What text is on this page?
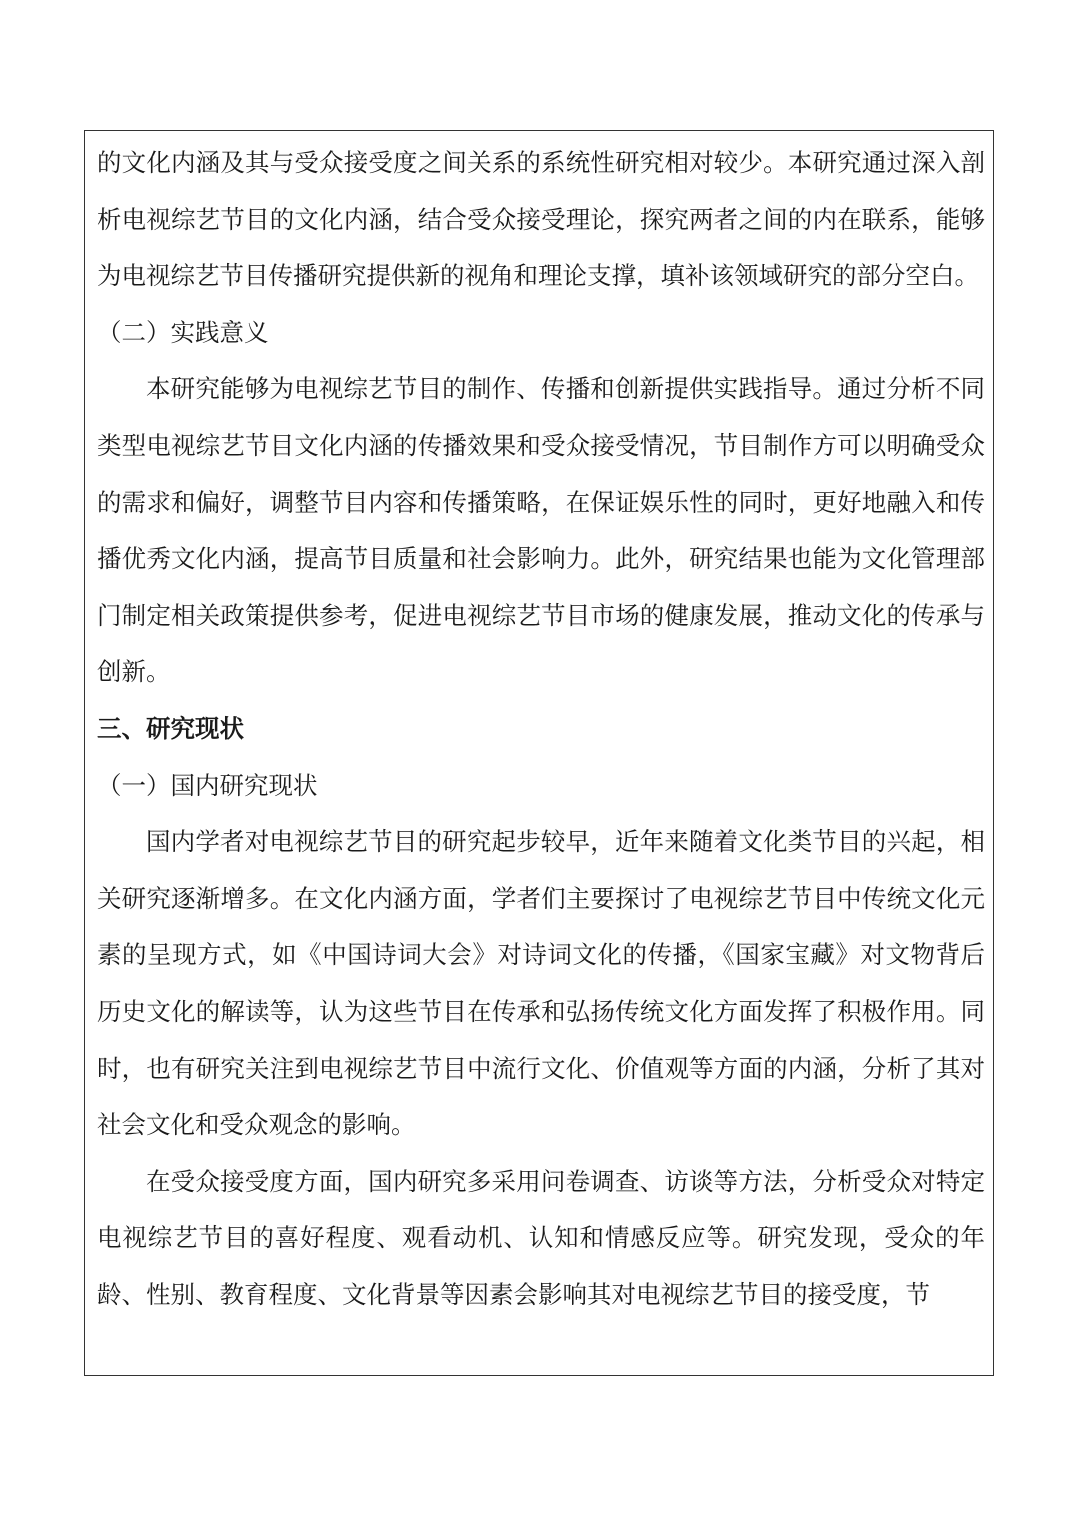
的文化内涵及其与受众接受度之间关系的系统性研究相对较少。本研究通过深入剖析电视综艺节目的文化内涵，结合受众接受理论，探究两者之间的内在联系，能够为电视综艺节目传播研究提供新的视角和理论支撑，填补该领域研究的部分空白。

（二）实践意义

本研究能够为电视综艺节目的制作、传播和创新提供实践指导。通过分析不同类型电视综艺节目文化内涵的传播效果和受众接受情况，节目制作方可以明确受众的需求和偏好，调整节目内容和传播策略，在保证娱乐性的同时，更好地融入和传播优秀文化内涵，提高节目质量和社会影响力。此外，研究结果也能为文化管理部门制定相关政策提供参考，促进电视综艺节目市场的健康发展，推动文化的传承与创新。

三、研究现状

（一）国内研究现状

国内学者对电视综艺节目的研究起步较早，近年来随着文化类节目的兴起，相关研究逐渐增多。在文化内涵方面，学者们主要探讨了电视综艺节目中传统文化元素的呈现方式，如《中国诗词大会》对诗词文化的传播，《国家宝藏》对文物背后历史文化的解读等，认为这些节目在传承和弘扬传统文化方面发挥了积极作用。同时，也有研究关注到电视综艺节目中流行文化、价值观等方面的内涵，分析了其对社会文化和受众观念的影响。

在受众接受度方面，国内研究多采用问卷调查、访谈等方法，分析受众对特定电视综艺节目的喜好程度、观看动机、认知和情感反应等。研究发现，受众的年龄、性别、教育程度、文化背景等因素会影响其对电视综艺节目的接受度，节
